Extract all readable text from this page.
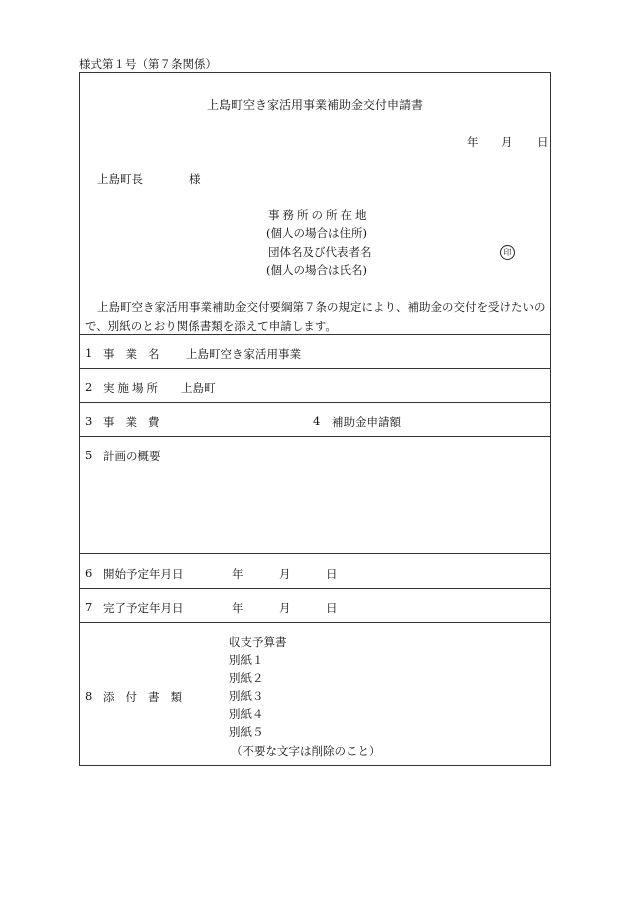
様式第１号（第７条関係）
上島町空き家活用事業補助金交付申請書
年 月 日
上島町長	様
事務所の所在地
(個人の場合は住所)
団体名及び代表者名	印
(個人の場合は氏名)
上島町空き家活用事業補助金交付要綱第７条の規定により、補助金の交付を受けたいの
で、別紙のとおり関係書類を添えて申請します。
1 事業名 上島町空き家活用事業
2 実施場所 上島町
3 事業費	4 補助金申請額
5 計画の概要
6 開始予定年月日	年	月	日
7 完了予定年月日	年	月	日
8 添付書類
収支予算書
別紙１
別紙２
別紙３
別紙４
別紙５
（不要な文字は削除のこと）
